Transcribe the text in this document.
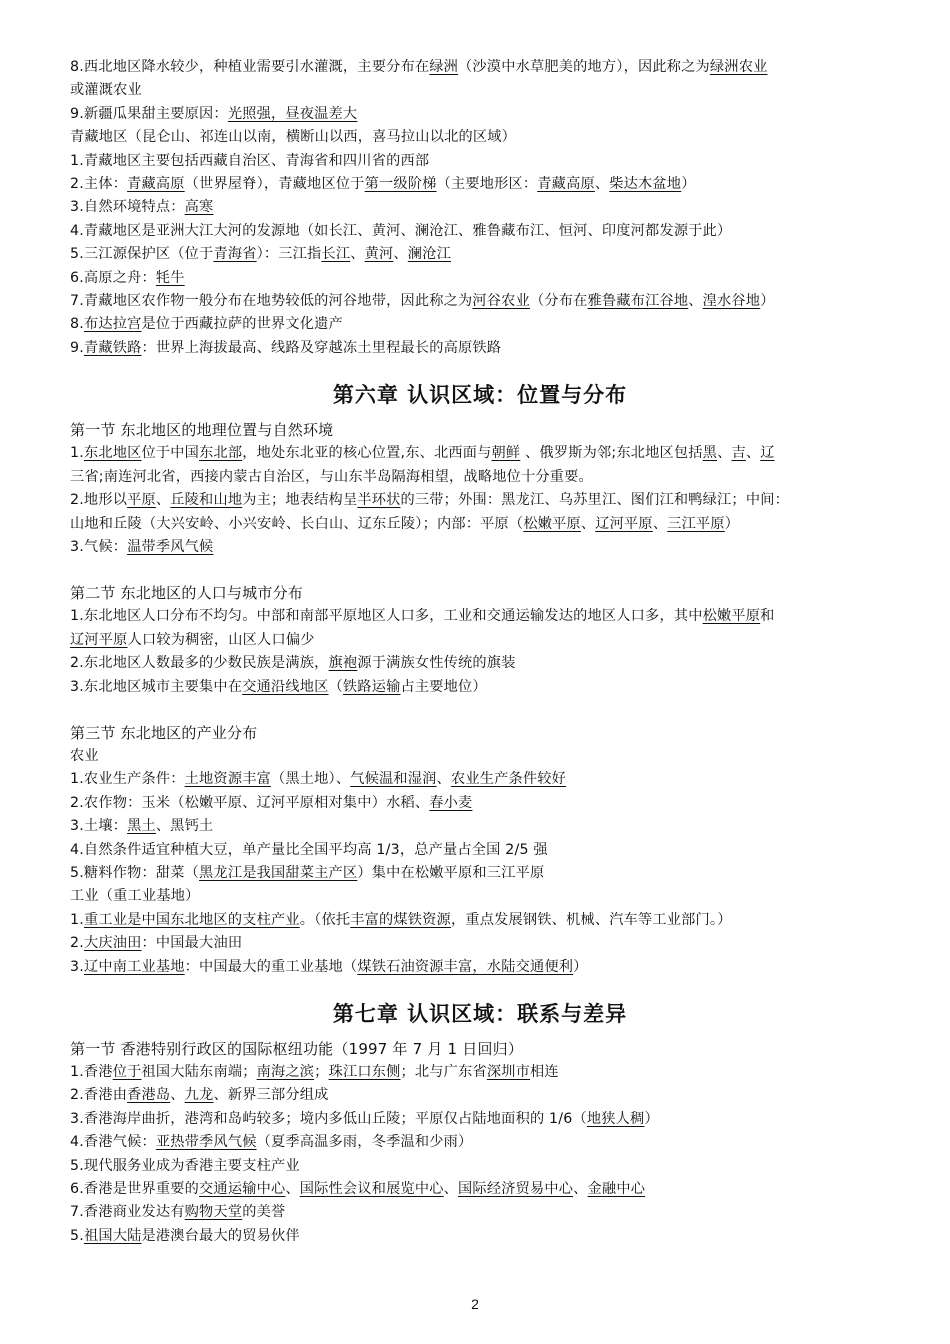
8.西北地区降水较少，种植业需要引水灌溉，主要分布在绿洲（沙漠中水草肥美的地方），因此称之为绿洲农业
或灌溉农业
9.新疆瓜果甜主要原因：光照强，昼夜温差大
青藏地区（昆仑山、祁连山以南，横断山以西，喜马拉山以北的区域）
1.青藏地区主要包括西藏自治区、青海省和四川省的西部
2.主体：青藏高原（世界屋脊），青藏地区位于第一级阶梯（主要地形区：青藏高原、柴达木盆地）
3.自然环境特点：高寒
4.青藏地区是亚洲大江大河的发源地（如长江、黄河、澜沧江、雅鲁藏布江、恒河、印度河都发源于此）
5.三江源保护区（位于青海省）：三江指长江、黄河、澜沧江
6.高原之舟：牦牛
7.青藏地区农作物一般分布在地势较低的河谷地带，因此称之为河谷农业（分布在雅鲁藏布江谷地、湟水谷地）
8.布达拉宫是位于西藏拉萨的世界文化遗产
9.青藏铁路：世界上海拔最高、线路及穿越冻土里程最长的高原铁路
第六章 认识区域：位置与分布
第一节 东北地区的地理位置与自然环境
1.东北地区位于中国东北部，地处东北亚的核心位置,东、北西面与朝鲜 、俄罗斯为邻;东北地区包括黑、吉、辽
三省;南连河北省，西接内蒙古自治区，与山东半岛隔海相望，战略地位十分重要。
2.地形以平原、丘陵和山地为主；地表结构呈半环状的三带；外围：黑龙江、乌苏里江、图们江和鸭绿江；中间：
山地和丘陵（大兴安岭、小兴安岭、长白山、辽东丘陵）；内部：平原（松嫩平原、辽河平原、三江平原）
3.气候：温带季风气候
第二节 东北地区的人口与城市分布
1.东北地区人口分布不均匀。中部和南部平原地区人口多，工业和交通运输发达的地区人口多，其中松嫩平原和
辽河平原人口较为稠密，山区人口偏少
2.东北地区人数最多的少数民族是满族，旗袍源于满族女性传统的旗装
3.东北地区城市主要集中在交通沿线地区（铁路运输占主要地位）
第三节 东北地区的产业分布
农业
1.农业生产条件：土地资源丰富（黑土地）、气候温和湿润、农业生产条件较好
2.农作物：玉米（松嫩平原、辽河平原相对集中）水稻、春小麦
3.土壤：黑土、黑钙土
4.自然条件适宜种植大豆，单产量比全国平均高 1/3，总产量占全国 2/5 强
5.糖料作物：甜菜（黑龙江是我国甜菜主产区）集中在松嫩平原和三江平原
工业（重工业基地）
1.重工业是中国东北地区的支柱产业。（依托丰富的煤铁资源，重点发展钢铁、机械、汽车等工业部门。）
2.大庆油田：中国最大油田
3.辽中南工业基地：中国最大的重工业基地（煤铁石油资源丰富，水陆交通便利）
第七章 认识区域：联系与差异
第一节 香港特别行政区的国际枢纽功能（1997 年 7 月 1 日回归）
1.香港位于祖国大陆东南端；南海之滨；珠江口东侧；北与广东省深圳市相连
2.香港由香港岛、九龙、新界三部分组成
3.香港海岸曲折，港湾和岛屿较多；境内多低山丘陵；平原仅占陆地面积的 1/6（地狭人稠）
4.香港气候：亚热带季风气候（夏季高温多雨，冬季温和少雨）
5.现代服务业成为香港主要支柱产业
6.香港是世界重要的交通运输中心、国际性会议和展览中心、国际经济贸易中心、金融中心
7.香港商业发达有购物天堂的美誉
5.祖国大陆是港澳台最大的贸易伙伴
2
